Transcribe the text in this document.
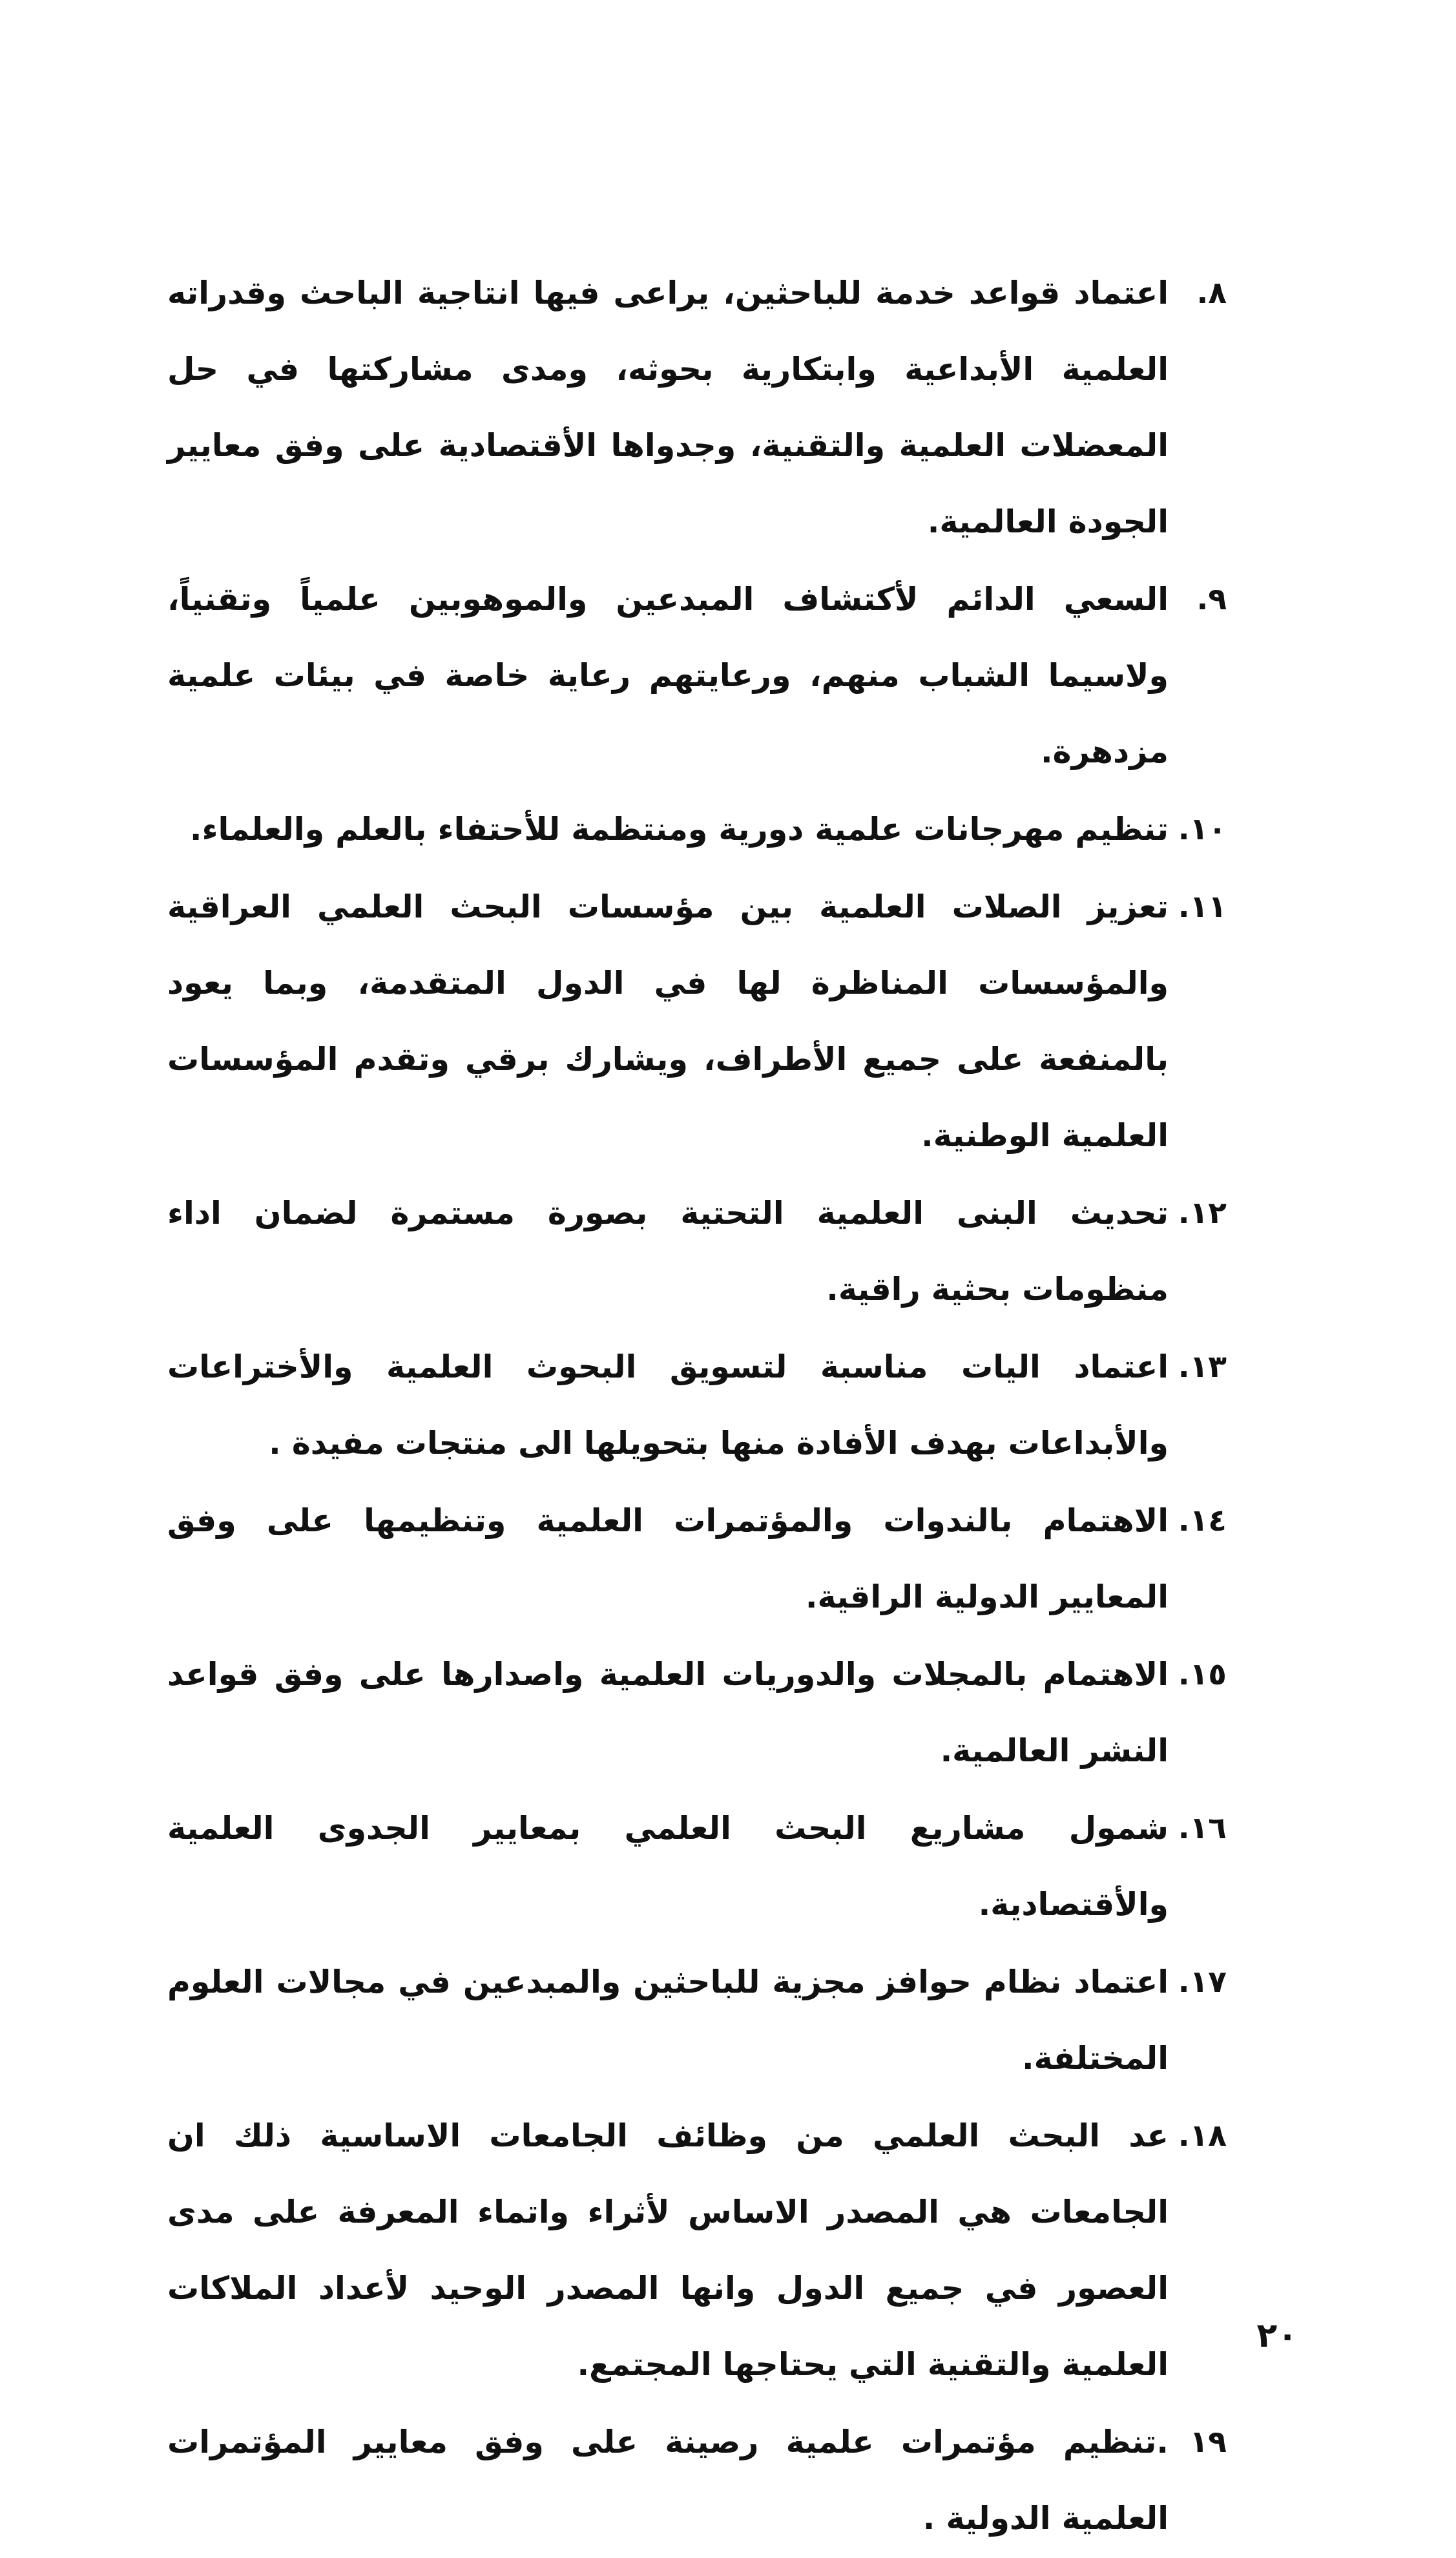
٨.
اعتماد قواعد خدمة للباحثين، يراعى فيها انتاجية الباحث وقدراته العلمية الأبداعية وابتكارية بحوثه، ومدى مشاركتها في حل المعضلات العلمية والتقنية، وجدواها الأقتصادية على وفق معايير الجودة العالمية.
٩.
السعي الدائم لأكتشاف المبدعين والموهوبين علمياً وتقنياً، ولاسيما الشباب منهم، ورعايتهم رعاية خاصة في بيئات علمية مزدهرة.
١٠.
تنظيم مهرجانات علمية دورية ومنتظمة للأحتفاء بالعلم والعلماء.
١١.
تعزيز الصلات العلمية بين مؤسسات البحث العلمي العراقية والمؤسسات المناظرة لها في الدول المتقدمة، وبما يعود بالمنفعة على جميع الأطراف، ويشارك برقي وتقدم المؤسسات العلمية الوطنية.
١٢.
تحديث البنى العلمية التحتية بصورة مستمرة لضمان اداء منظومات بحثية راقية.
١٣.
اعتماد اليات مناسبة لتسويق البحوث العلمية والأختراعات والأبداعات بهدف الأفادة منها بتحويلها الى منتجات مفيدة .
١٤.
الاهتمام بالندوات والمؤتمرات العلمية وتنظيمها على وفق المعايير الدولية الراقية.
١٥.
الاهتمام بالمجلات والدوريات العلمية واصدارها على وفق قواعد النشر العالمية.
١٦.
شمول مشاريع البحث العلمي بمعايير الجدوى العلمية والأقتصادية.
١٧.
اعتماد نظام حوافز مجزية للباحثين والمبدعين في مجالات العلوم المختلفة.
١٨.
عد البحث العلمي من وظائف الجامعات الاساسية ذلك ان الجامعات هي المصدر الاساس لأثراء واتماء المعرفة على مدى العصور في جميع الدول وانها المصدر الوحيد لأعداد الملاكات العلمية والتقنية التي يحتاجها المجتمع.
١٩
.تنظيم مؤتمرات علمية رصينة على وفق معايير المؤتمرات العلمية الدولية .
٢٠
